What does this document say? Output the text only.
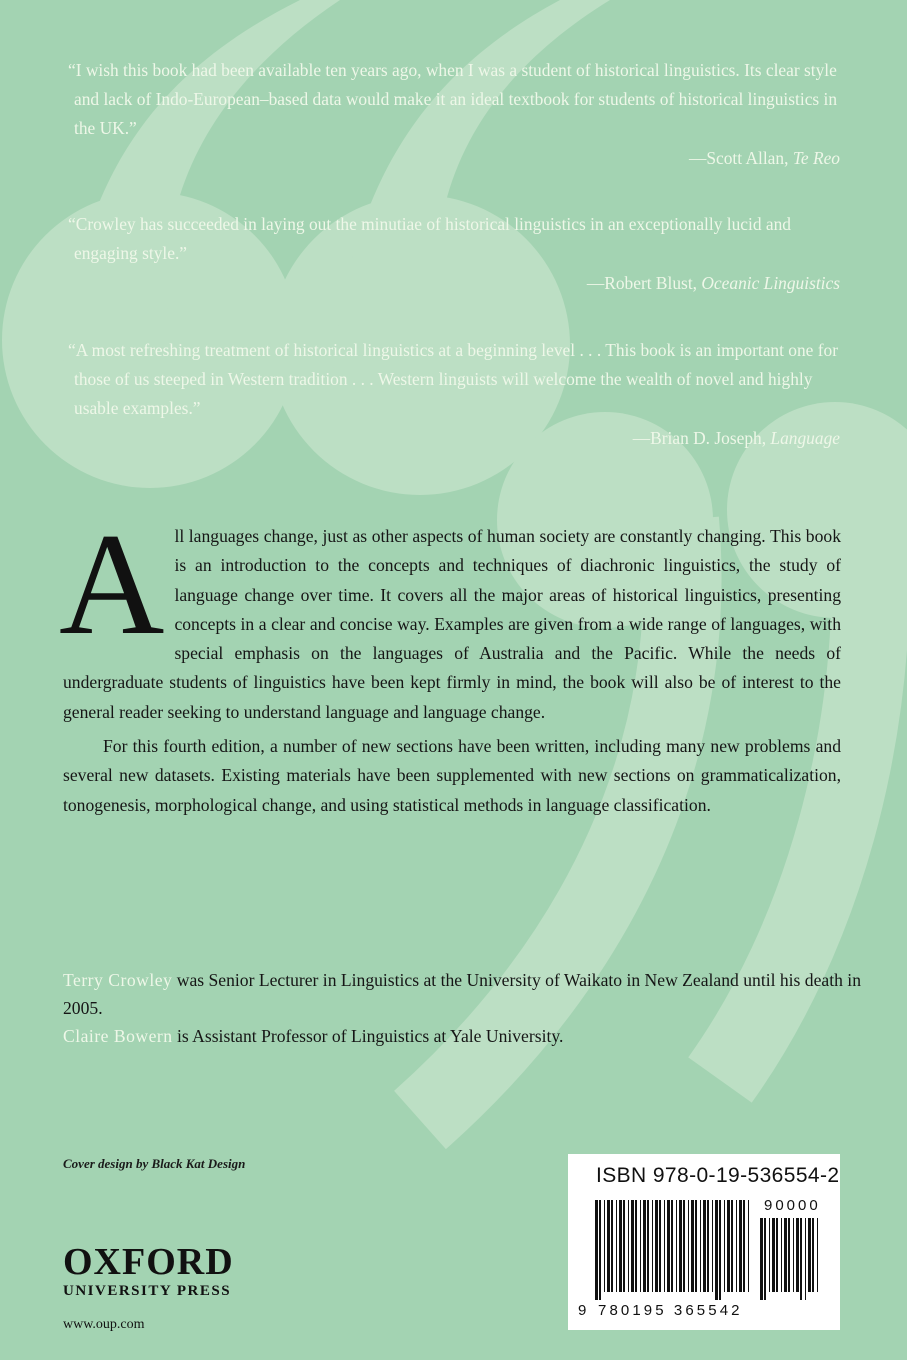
“I wish this book had been available ten years ago, when I was a student of historical linguistics. Its clear style and lack of Indo-European–based data would make it an ideal textbook for students of historical linguistics in the UK.”

—Scott Allan, Te Reo

“Crowley has succeeded in laying out the minutiae of historical linguistics in an exceptionally lucid and engaging style.”

—Robert Blust, Oceanic Linguistics

“A most refreshing treatment of historical linguistics at a beginning level . . . This book is an important one for those of us steeped in Western tradition . . . Western linguists will welcome the wealth of novel and highly usable examples.”

—Brian D. Joseph, Language

All languages change, just as other aspects of human society are constantly changing. This book is an introduction to the concepts and techniques of diachronic linguistics, the study of language change over time. It covers all the major areas of historical linguistics, presenting concepts in a clear and concise way. Examples are given from a wide range of languages, with special emphasis on the languages of Australia and the Pacific. While the needs of undergraduate students of linguistics have been kept firmly in mind, the book will also be of interest to the general reader seeking to understand language and language change.

For this fourth edition, a number of new sections have been written, including many new problems and several new datasets. Existing materials have been supplemented with new sections on grammaticalization, tonogenesis, morphological change, and using statistical methods in language classification.

Terry Crowley was Senior Lecturer in Linguistics at the University of Waikato in New Zealand until his death in 2005.

Claire Bowern is Assistant Professor of Linguistics at Yale University.

Cover design by Black Kat Design
OXFORD
UNIVERSITY PRESS
www.oup.com
ISBN 978-0-19-536554-2
9 780195 365542
90000
